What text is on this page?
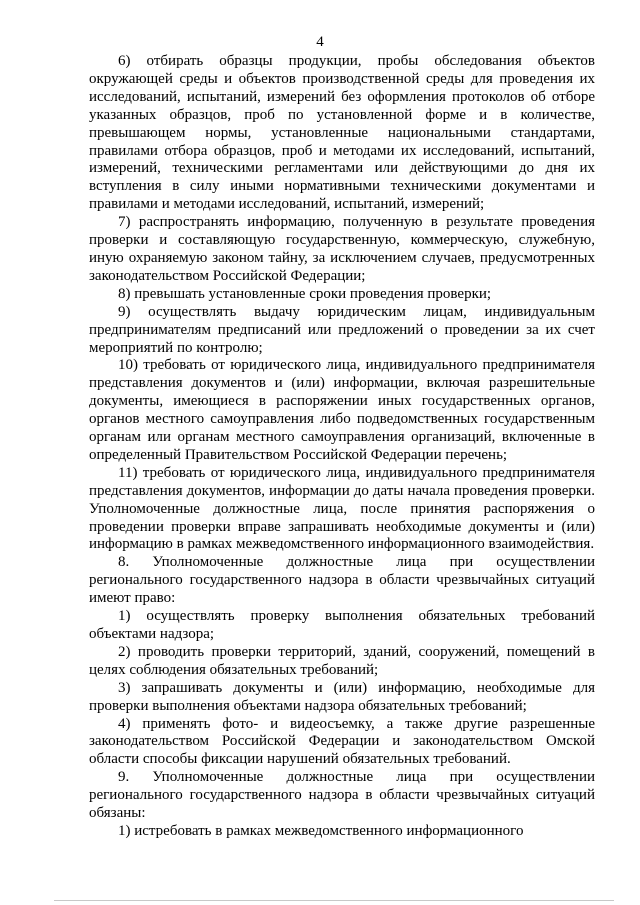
4

6) отбирать образцы продукции, пробы обследования объектов окружающей среды и объектов производственной среды для проведения их исследований, испытаний, измерений без оформления протоколов об отборе указанных образцов, проб по установленной форме и в количестве, превышающем нормы, установленные национальными стандартами, правилами отбора образцов, проб и методами их исследований, испытаний, измерений, техническими регламентами или действующими до дня их вступления в силу иными нормативными техническими документами и правилами и методами исследований, испытаний, измерений;

7) распространять информацию, полученную в результате проведения проверки и составляющую государственную, коммерческую, служебную, иную охраняемую законом тайну, за исключением случаев, предусмотренных законодательством Российской Федерации;

8) превышать установленные сроки проведения проверки;

9) осуществлять выдачу юридическим лицам, индивидуальным предпринимателям предписаний или предложений о проведении за их счет мероприятий по контролю;

10) требовать от юридического лица, индивидуального предпринимателя представления документов и (или) информации, включая разрешительные документы, имеющиеся в распоряжении иных государственных органов, органов местного самоуправления либо подведомственных государственным органам или органам местного самоуправления организаций, включенные в определенный Правительством Российской Федерации перечень;

11) требовать от юридического лица, индивидуального предпринимателя представления документов, информации до даты начала проведения проверки. Уполномоченные должностные лица, после принятия распоряжения о проведении проверки вправе запрашивать необходимые документы и (или) информацию в рамках межведомственного информационного взаимодействия.

8. Уполномоченные должностные лица при осуществлении регионального государственного надзора в области чрезвычайных ситуаций имеют право:

1) осуществлять проверку выполнения обязательных требований объектами надзора;

2) проводить проверки территорий, зданий, сооружений, помещений в целях соблюдения обязательных требований;

3) запрашивать документы и (или) информацию, необходимые для проверки выполнения объектами надзора обязательных требований;

4) применять фото- и видеосъемку, а также другие разрешенные законодательством Российской Федерации и законодательством Омской области способы фиксации нарушений обязательных требований.

9. Уполномоченные должностные лица при осуществлении регионального государственного надзора в области чрезвычайных ситуаций обязаны:

1) истребовать в рамках межведомственного информационного
